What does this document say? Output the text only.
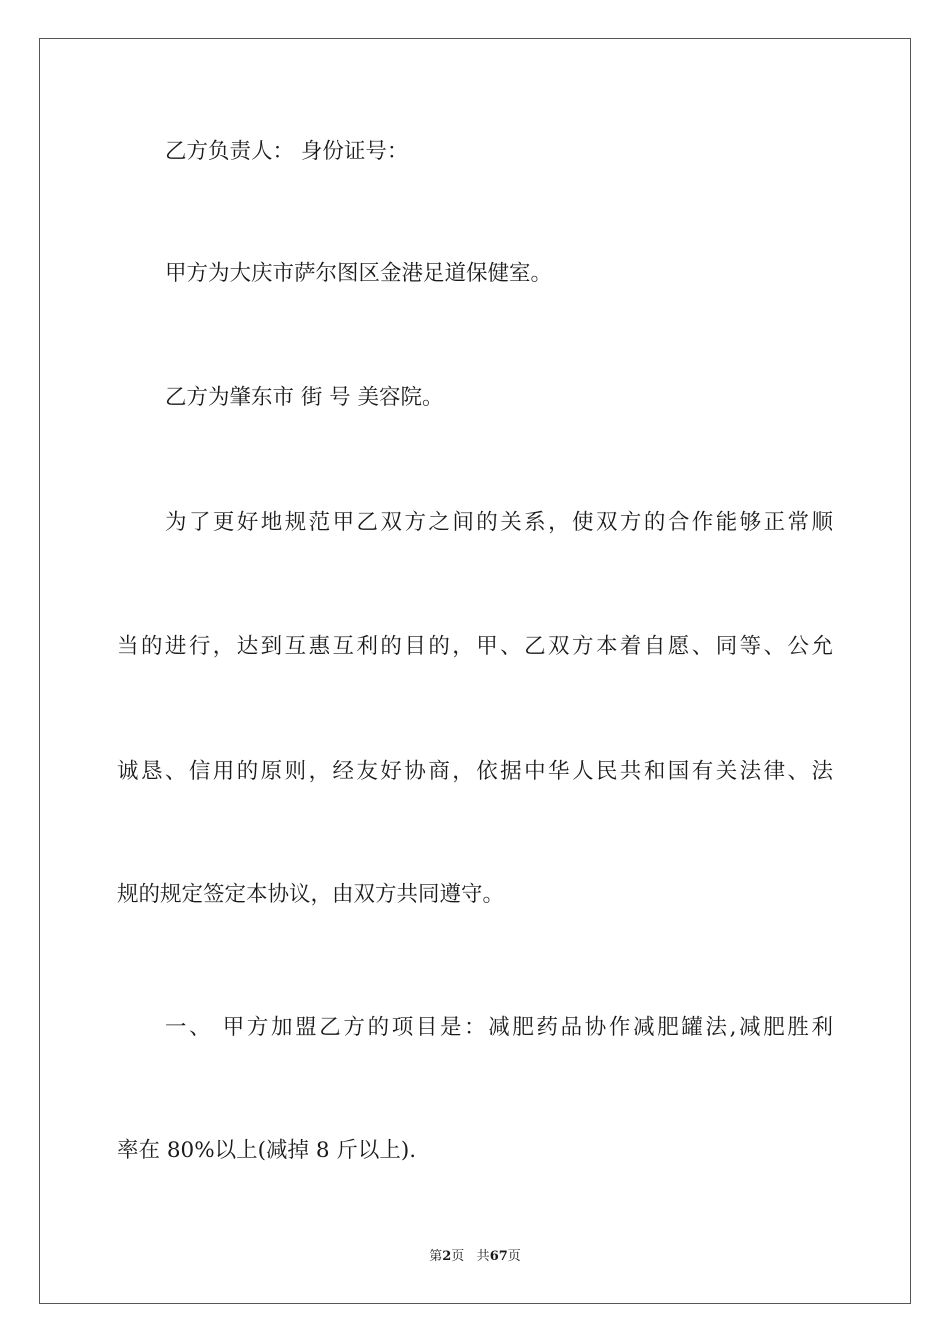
乙方负责人： 身份证号：

甲方为大庆市萨尔图区金港足道保健室。

乙方为肇东市 街 号 美容院。

为了更好地规范甲乙双方之间的关系，使双方的合作能够正常顺

当的进行，达到互惠互利的目的，甲、乙双方本着自愿、同等、公允

诚恳、信用的原则，经友好协商，依据中华人民共和国有关法律、法

规的规定签定本协议，由双方共同遵守。

一、 甲方加盟乙方的项目是：减肥药品协作减肥罐法,减肥胜利

率在 80%以上(减掉 8 斤以上).

第2页 共67页
